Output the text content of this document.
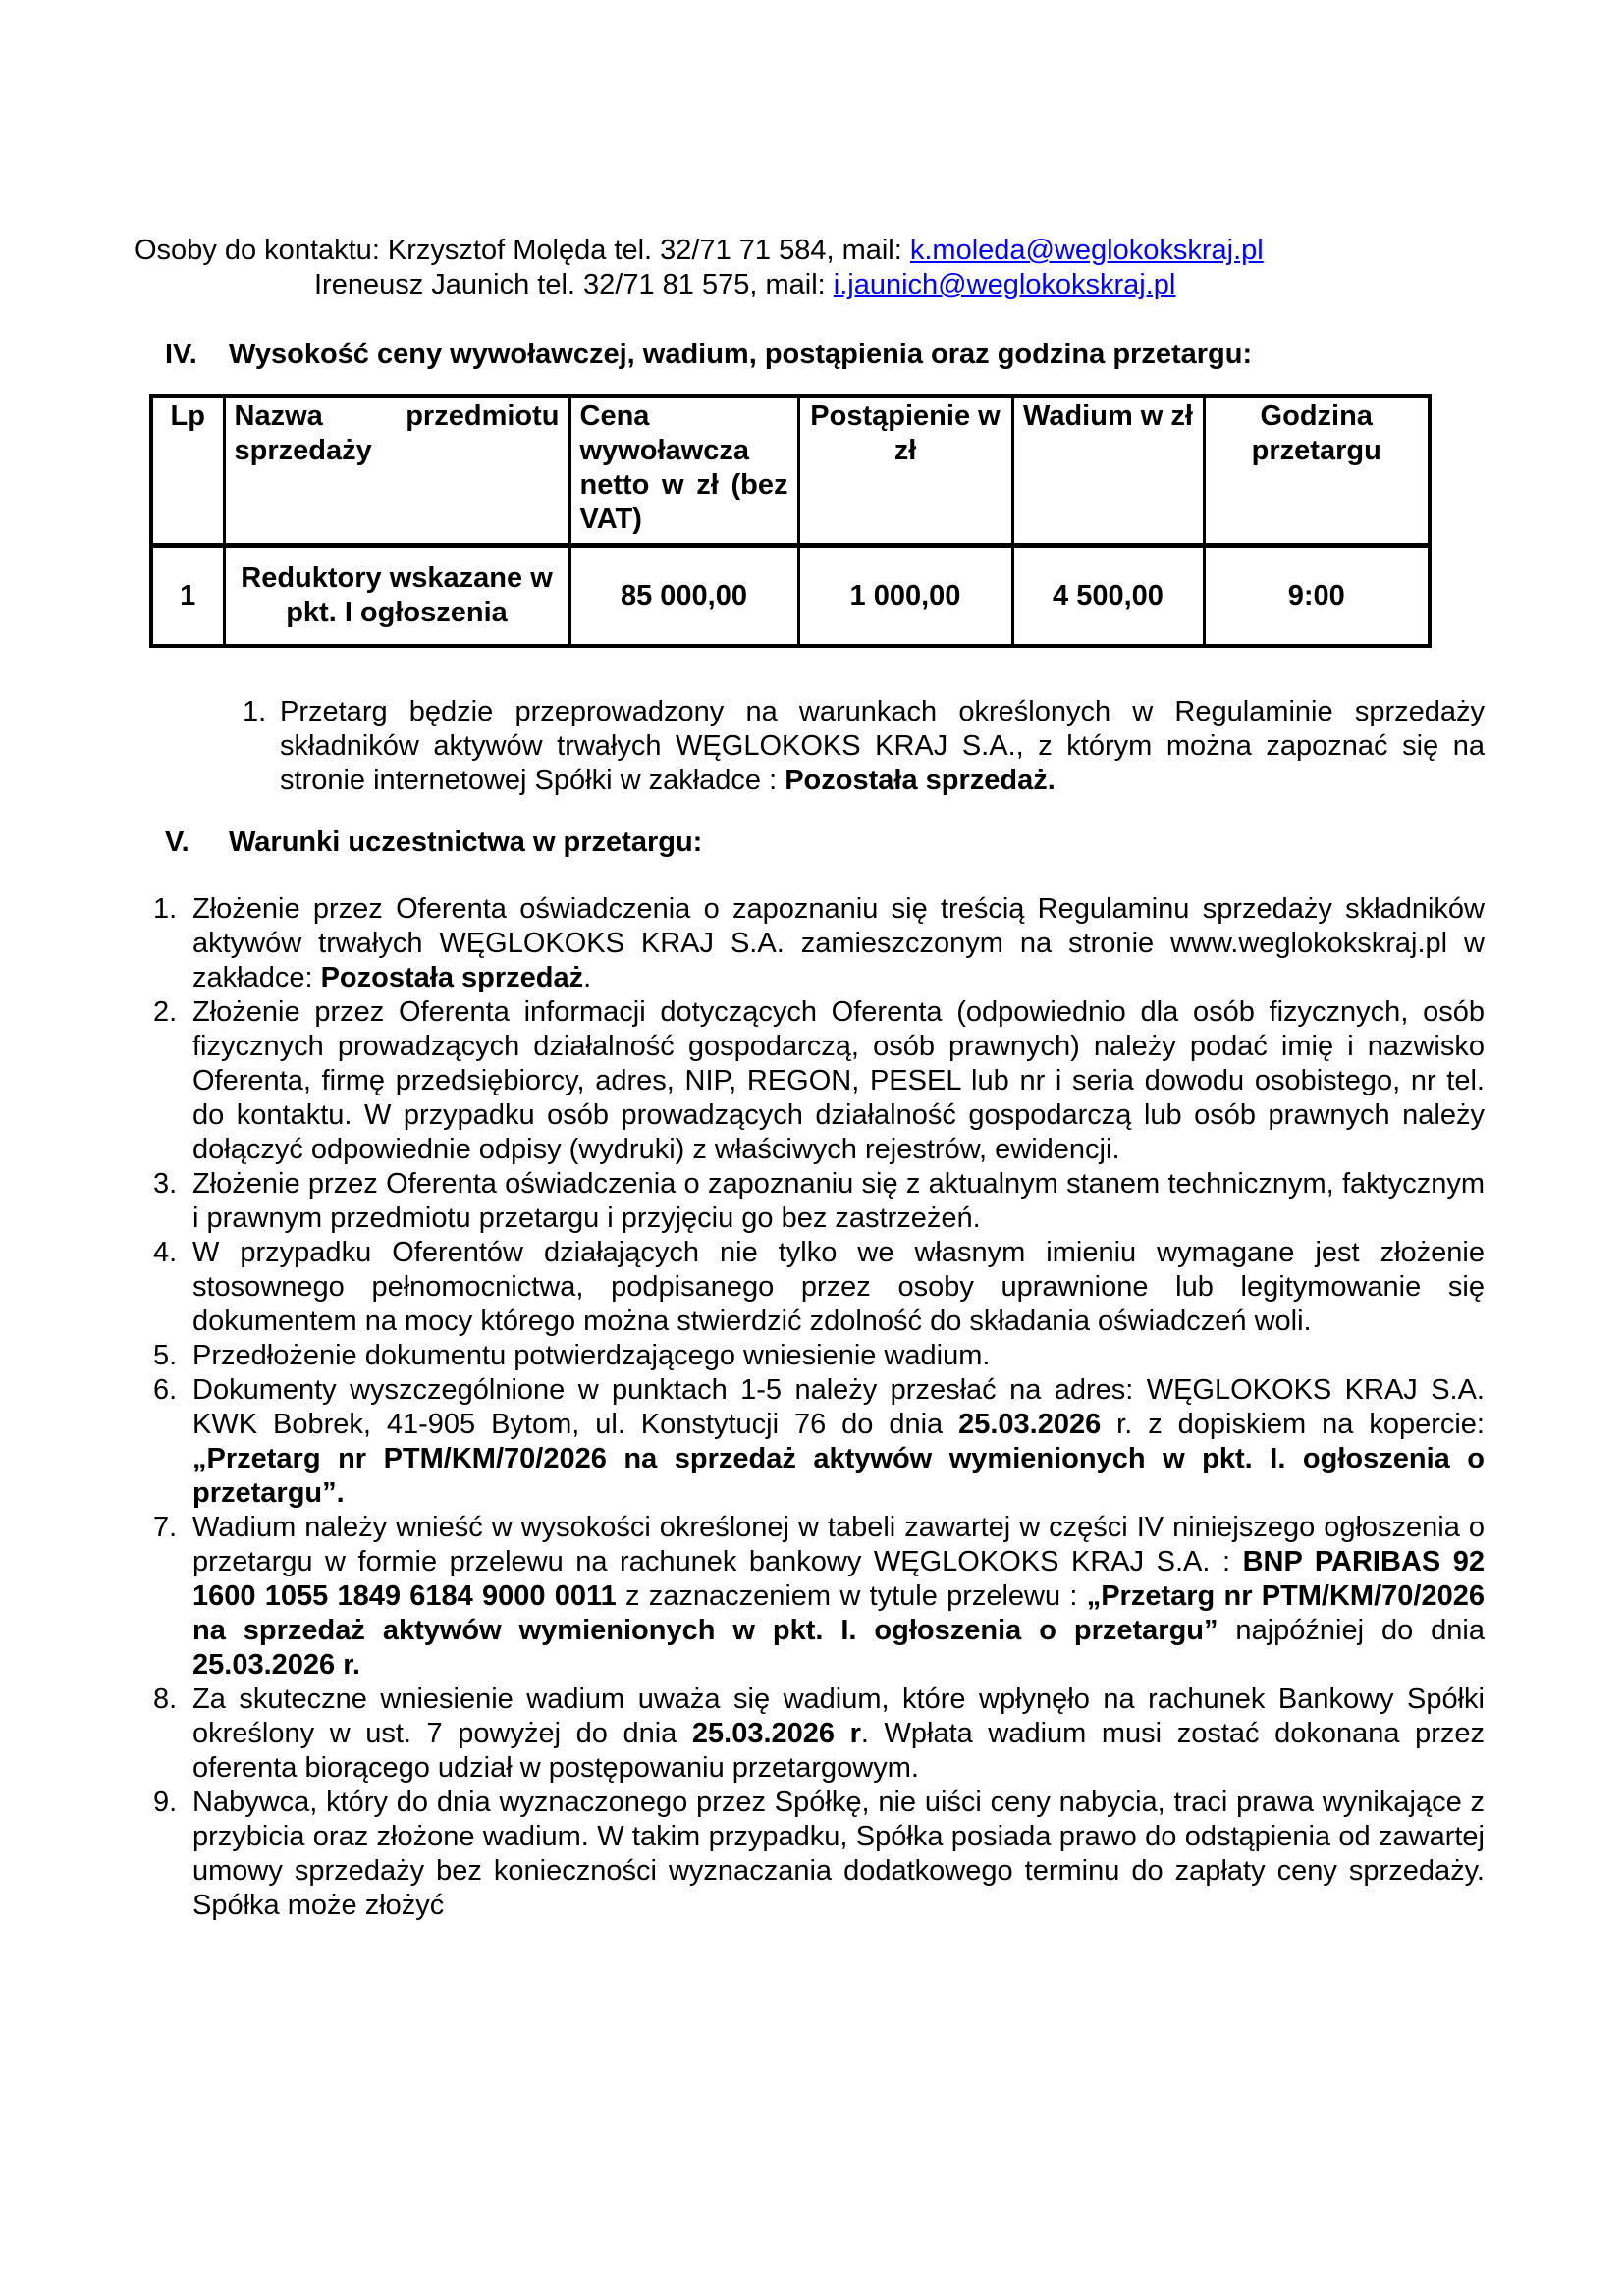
Osoby do kontaktu: Krzysztof Molęda tel. 32/71 71 584, mail: k.moleda@weglokokskraj.pl
Ireneusz Jaunich tel. 32/71 81 575, mail: i.jaunich@weglokokskraj.pl
IV.	Wysokość ceny wywoławczej, wadium, postąpienia oraz godzina przetargu:
Lp	Nazwa przedmiotu sprzedaży	Cena wywoławcza netto w zł (bez VAT)	Postąpienie w zł	Wadium w zł	Godzina przetargu
1	Reduktory wskazane w pkt. I ogłoszenia	85 000,00	1 000,00	4 500,00	9:00
1. Przetarg będzie przeprowadzony na warunkach określonych w Regulaminie sprzedaży składników aktywów trwałych WĘGLOKOKS KRAJ S.A., z którym można zapoznać się na stronie internetowej Spółki w zakładce : Pozostała sprzedaż.
V.	Warunki uczestnictwa w przetargu:
1. Złożenie przez Oferenta oświadczenia o zapoznaniu się treścią Regulaminu sprzedaży składników aktywów trwałych WĘGLOKOKS KRAJ S.A. zamieszczonym na stronie www.weglokokskraj.pl w zakładce: Pozostała sprzedaż.
2. Złożenie przez Oferenta informacji dotyczących Oferenta (odpowiednio dla osób fizycznych, osób fizycznych prowadzących działalność gospodarczą, osób prawnych) należy podać imię i nazwisko Oferenta, firmę przedsiębiorcy, adres, NIP, REGON, PESEL lub nr i seria dowodu osobistego, nr tel. do kontaktu. W przypadku osób prowadzących działalność gospodarczą lub osób prawnych należy dołączyć odpowiednie odpisy (wydruki) z właściwych rejestrów, ewidencji.
3. Złożenie przez Oferenta oświadczenia o zapoznaniu się z aktualnym stanem technicznym, faktycznym i prawnym przedmiotu przetargu i przyjęciu go bez zastrzeżeń.
4. W przypadku Oferentów działających nie tylko we własnym imieniu wymagane jest złożenie stosownego pełnomocnictwa, podpisanego przez osoby uprawnione lub legitymowanie się dokumentem na mocy którego można stwierdzić zdolność do składania oświadczeń woli.
5. Przedłożenie dokumentu potwierdzającego wniesienie wadium.
6. Dokumenty wyszczególnione w punktach 1-5 należy przesłać na adres: WĘGLOKOKS KRAJ S.A. KWK Bobrek, 41-905 Bytom, ul. Konstytucji 76 do dnia 25.03.2026 r. z dopiskiem na kopercie: „Przetarg nr PTM/KM/70/2026 na sprzedaż aktywów wymienionych w pkt. I. ogłoszenia o przetargu”.
7. Wadium należy wnieść w wysokości określonej w tabeli zawartej w części IV niniejszego ogłoszenia o przetargu w formie przelewu na rachunek bankowy WĘGLOKOKS KRAJ S.A. : BNP PARIBAS 92 1600 1055 1849 6184 9000 0011 z zaznaczeniem w tytule przelewu : „Przetarg nr PTM/KM/70/2026 na sprzedaż aktywów wymienionych w pkt. I. ogłoszenia o przetargu” najpóźniej do dnia 25.03.2026 r.
8. Za skuteczne wniesienie wadium uważa się wadium, które wpłynęło na rachunek Bankowy Spółki określony w ust. 7 powyżej do dnia 25.03.2026 r. Wpłata wadium musi zostać dokonana przez oferenta biorącego udział w postępowaniu przetargowym.
9. Nabywca, który do dnia wyznaczonego przez Spółkę, nie uiści ceny nabycia, traci prawa wynikające z przybicia oraz złożone wadium. W takim przypadku, Spółka posiada prawo do odstąpienia od zawartej umowy sprzedaży bez konieczności wyznaczania dodatkowego terminu do zapłaty ceny sprzedaży. Spółka może złożyć
